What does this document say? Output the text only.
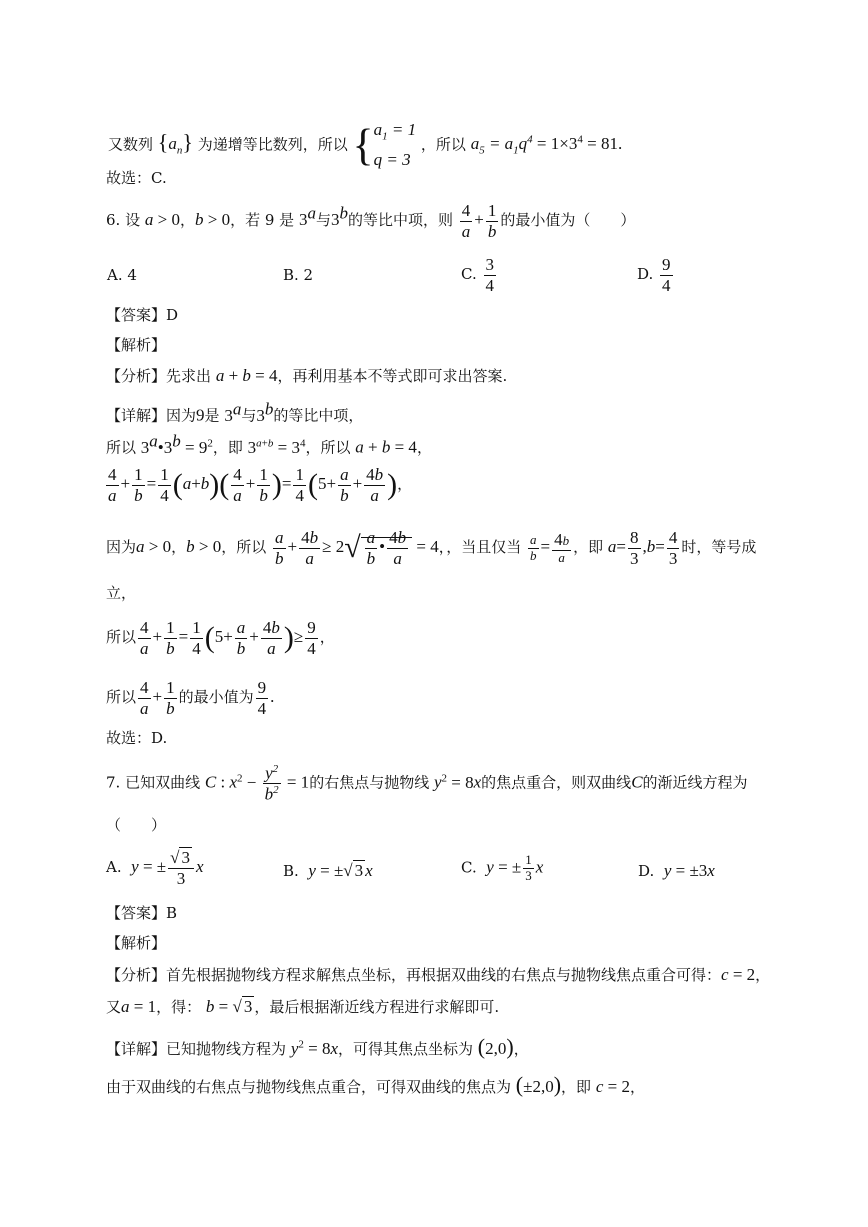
又数列 $\{a_n\}$ 为递增等比数列，所以 {$a_1 = 1$
q = 3 ，所以 $a_5 = a_1q^4 = 1\times 3^4 = 81$.
故选：C.
6. 设 a > 0，b > 0，若 9 是 3$^a$与3$^b$的等比中项，则 $\frac{4}{a} + \frac{1}{b}$ 的最小值为（　　）
A. 4	B. 2	C. $\frac{3}{4}$	D. $\frac{9}{4}$
【答案】D
【解析】
【分析】先求出 a + b = 4，再利用基本不等式即可求出答案.
【详解】因为9是 3$^a$与3$^b$的等比中项，
所以 $3^a•3^b = 9^2$，即 $3^{a+b} = 3^4$，所以 a + b = 4，
$\frac{4}{a} + \frac{1}{b} = \frac{1}{4} (a+b)( \frac{4}{a} + \frac{1}{b}$ )= $\frac{1}{4} (5+ \frac{a}{b} + \frac{4b}{a}$ )，
因为a > 0，b > 0，所以 $\frac{a}{b} + \frac{4b}{a} \ge 2√ \frac{a}{b}$ • $\frac{4b}{a} = 4$，，当且仅当 $\frac{a}{b} = \frac{4b}{a}$ ，即 $a= \frac{8}{3} ,b= \frac{4}{3}$ 时，等号成
立，
所以 $\frac{4}{a} + \frac{1}{b} = \frac{1}{4} (5+ \frac{a}{b} + \frac{4b}{a}$ )≥ $\frac{9}{4}$ ，
所以 $\frac{4}{a} + \frac{1}{b}$ 的最小值为 $\frac{9}{4}$ .
故选：D.
7. 已知双曲线 C : $x^2 - \frac{y^2}{b^2} = 1$的右焦点与抛物线 $y^2 = 8x$的焦点重合，则双曲线C的渐近线方程为
（　　）
A. y = ± $\frac{√ 3}{3}$ x	B. y = ±√ 3 x	C. y = ± $\frac{1}{3}$ x	D. y = ±3x
【答案】B
【解析】
【分析】首先根据抛物线方程求解焦点坐标，再根据双曲线的右焦点与抛物线焦点重合可得：c = 2，
又a = 1，得： b = √ 3 ，最后根据渐近线方程进行求解即可.
【详解】已知抛物线方程为 $y^2 = 8x$，可得其焦点坐标为 (2,0)，
由于双曲线的右焦点与抛物线焦点重合，可得双曲线的焦点为 (±2,0)，即 c = 2，
